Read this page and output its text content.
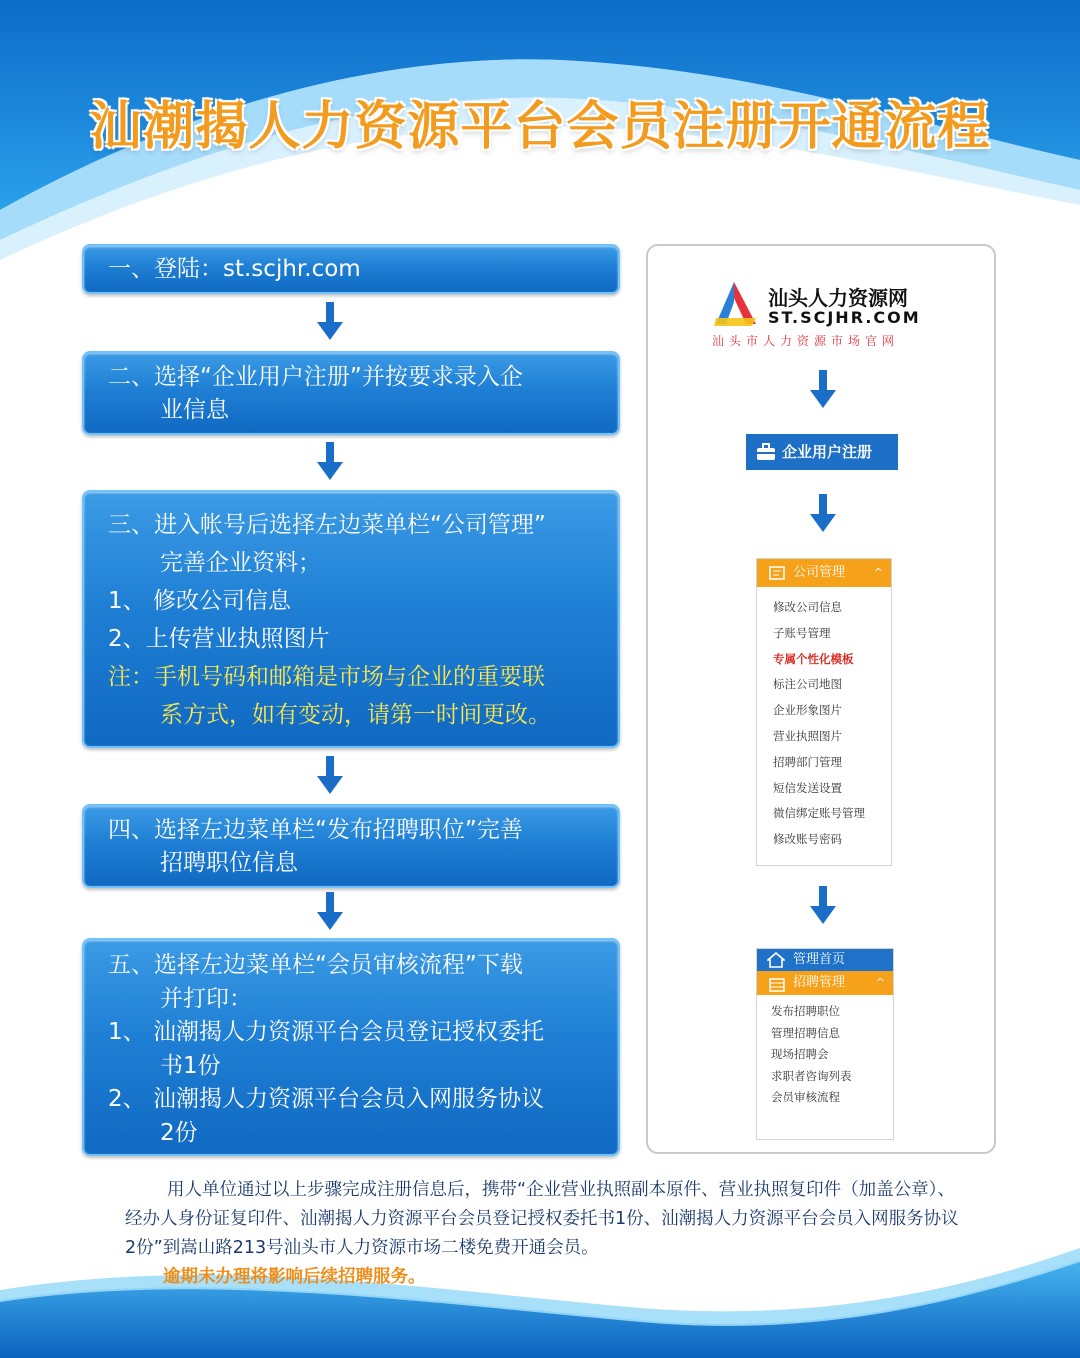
汕潮揭人力资源平台会员注册开通流程
一、登陆：st.scjhr.com
二、选择“企业用户注册”并按要求录入企
业信息
三、进入帐号后选择左边菜单栏“公司管理”
完善企业资料；
1、 修改公司信息
2、上传营业执照图片
注：手机号码和邮箱是市场与企业的重要联
系方式，如有变动，请第一时间更改。
四、选择左边菜单栏“发布招聘职位”完善
招聘职位信息
五、选择左边菜单栏“会员审核流程”下载
并打印：
1、 汕潮揭人力资源平台会员登记授权委托
书1份
2、 汕潮揭人力资源平台会员入网服务协议
2份
汕头人力资源网
ST.SCJHR.COM
汕头市人力资源市场官网
企业用户注册
公司管理	^
修改公司信息
子账号管理
专属个性化模板
标注公司地图
企业形象图片
营业执照图片
招聘部门管理
短信发送设置
微信绑定账号管理
修改账号密码
管理首页
招聘管理	^
发布招聘职位
管理招聘信息
现场招聘会
求职者咨询列表
会员审核流程

用人单位通过以上步骤完成注册信息后，携带“企业营业执照副本原件、营业执照复印件（加盖公章）、经办人身份证复印件、汕潮揭人力资源平台会员登记授权委托书1份、汕潮揭人力资源平台会员入网服务协议2份”到嵩山路213号汕头市人力资源市场二楼免费开通会员。

逾期未办理将影响后续招聘服务。
